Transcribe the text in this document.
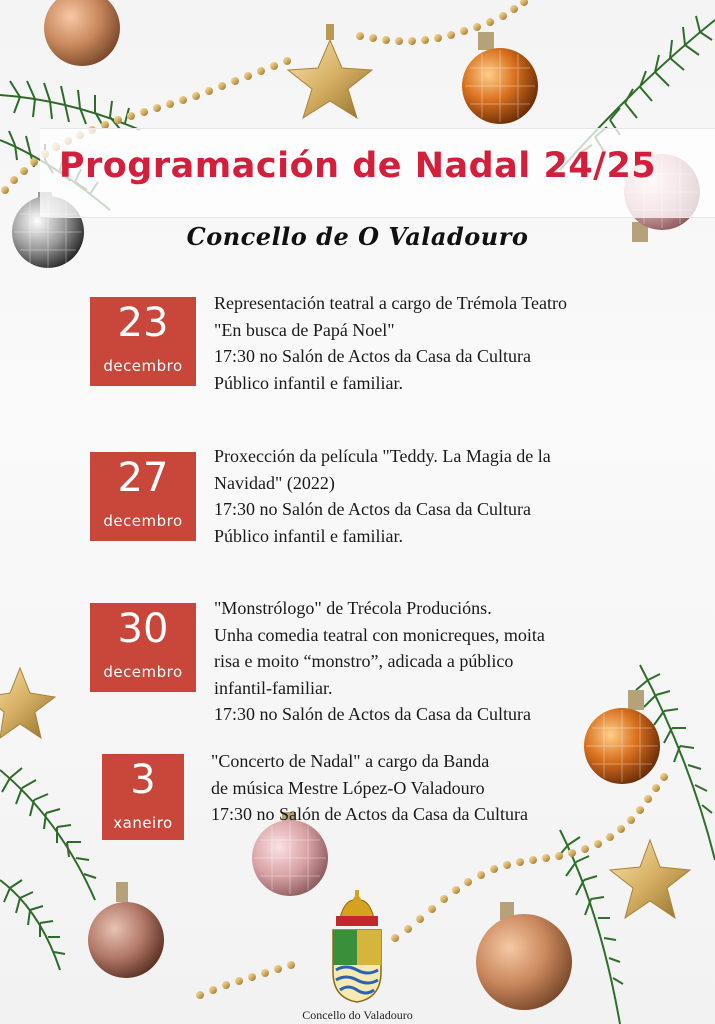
Programación de Nadal 24/25
Concello de O Valadouro
23
decembro

Representación teatral a cargo de Trémola Teatro

"En busca de Papá Noel"

17:30 no Salón de Actos da Casa da Cultura

Público infantil e familiar.

27
decembro

Proxección da película "Teddy. La Magia de la

Navidad" (2022)

17:30 no Salón de Actos da Casa da Cultura

Público infantil e familiar.

30
decembro

"Monstrólogo" de Trécola Producións.

Unha comedia teatral con monicreques, moita

risa e moito “monstro”, adicada a público

infantil-familiar.

17:30 no Salón de Actos da Casa da Cultura

3
xaneiro

"Concerto de Nadal" a cargo da Banda

de música Mestre López-O Valadouro

17:30 no Salón de Actos da Casa da Cultura

Concello do Valadouro
